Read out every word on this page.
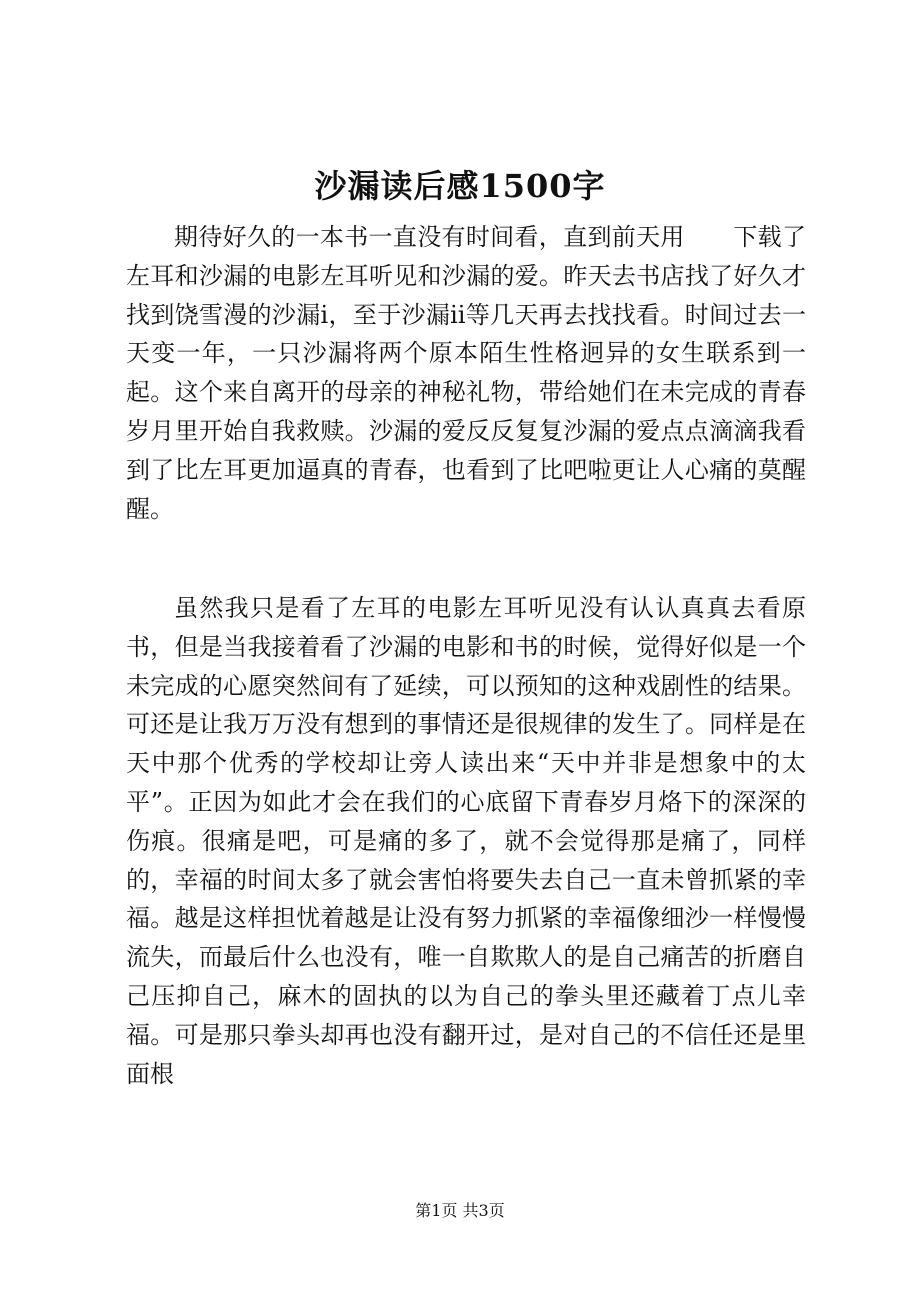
沙漏读后感1500字

期待好久的一本书一直没有时间看，直到前天用　　下载了左耳和沙漏的电影左耳听见和沙漏的爱。昨天去书店找了好久才找到饶雪漫的沙漏ⅰ，至于沙漏ⅱ等几天再去找找看。时间过去一天变一年，一只沙漏将两个原本陌生性格迥异的女生联系到一起。这个来自离开的母亲的神秘礼物，带给她们在未完成的青春岁月里开始自我救赎。沙漏的爱反反复复沙漏的爱点点滴滴我看到了比左耳更加逼真的青春，也看到了比吧啦更让人心痛的莫醒醒。

虽然我只是看了左耳的电影左耳听见没有认认真真去看原书，但是当我接着看了沙漏的电影和书的时候，觉得好似是一个未完成的心愿突然间有了延续，可以预知的这种戏剧性的结果。可还是让我万万没有想到的事情还是很规律的发生了。同样是在天中那个优秀的学校却让旁人读出来“天中并非是想象中的太平”。正因为如此才会在我们的心底留下青春岁月烙下的深深的伤痕。很痛是吧，可是痛的多了，就不会觉得那是痛了，同样的，幸福的时间太多了就会害怕将要失去自己一直未曾抓紧的幸福。越是这样担忧着越是让没有努力抓紧的幸福像细沙一样慢慢流失，而最后什么也没有，唯一自欺欺人的是自己痛苦的折磨自己压抑自己，麻木的固执的以为自己的拳头里还藏着丁点儿幸福。可是那只拳头却再也没有翻开过，是对自己的不信任还是里面根

第1页 共3页
